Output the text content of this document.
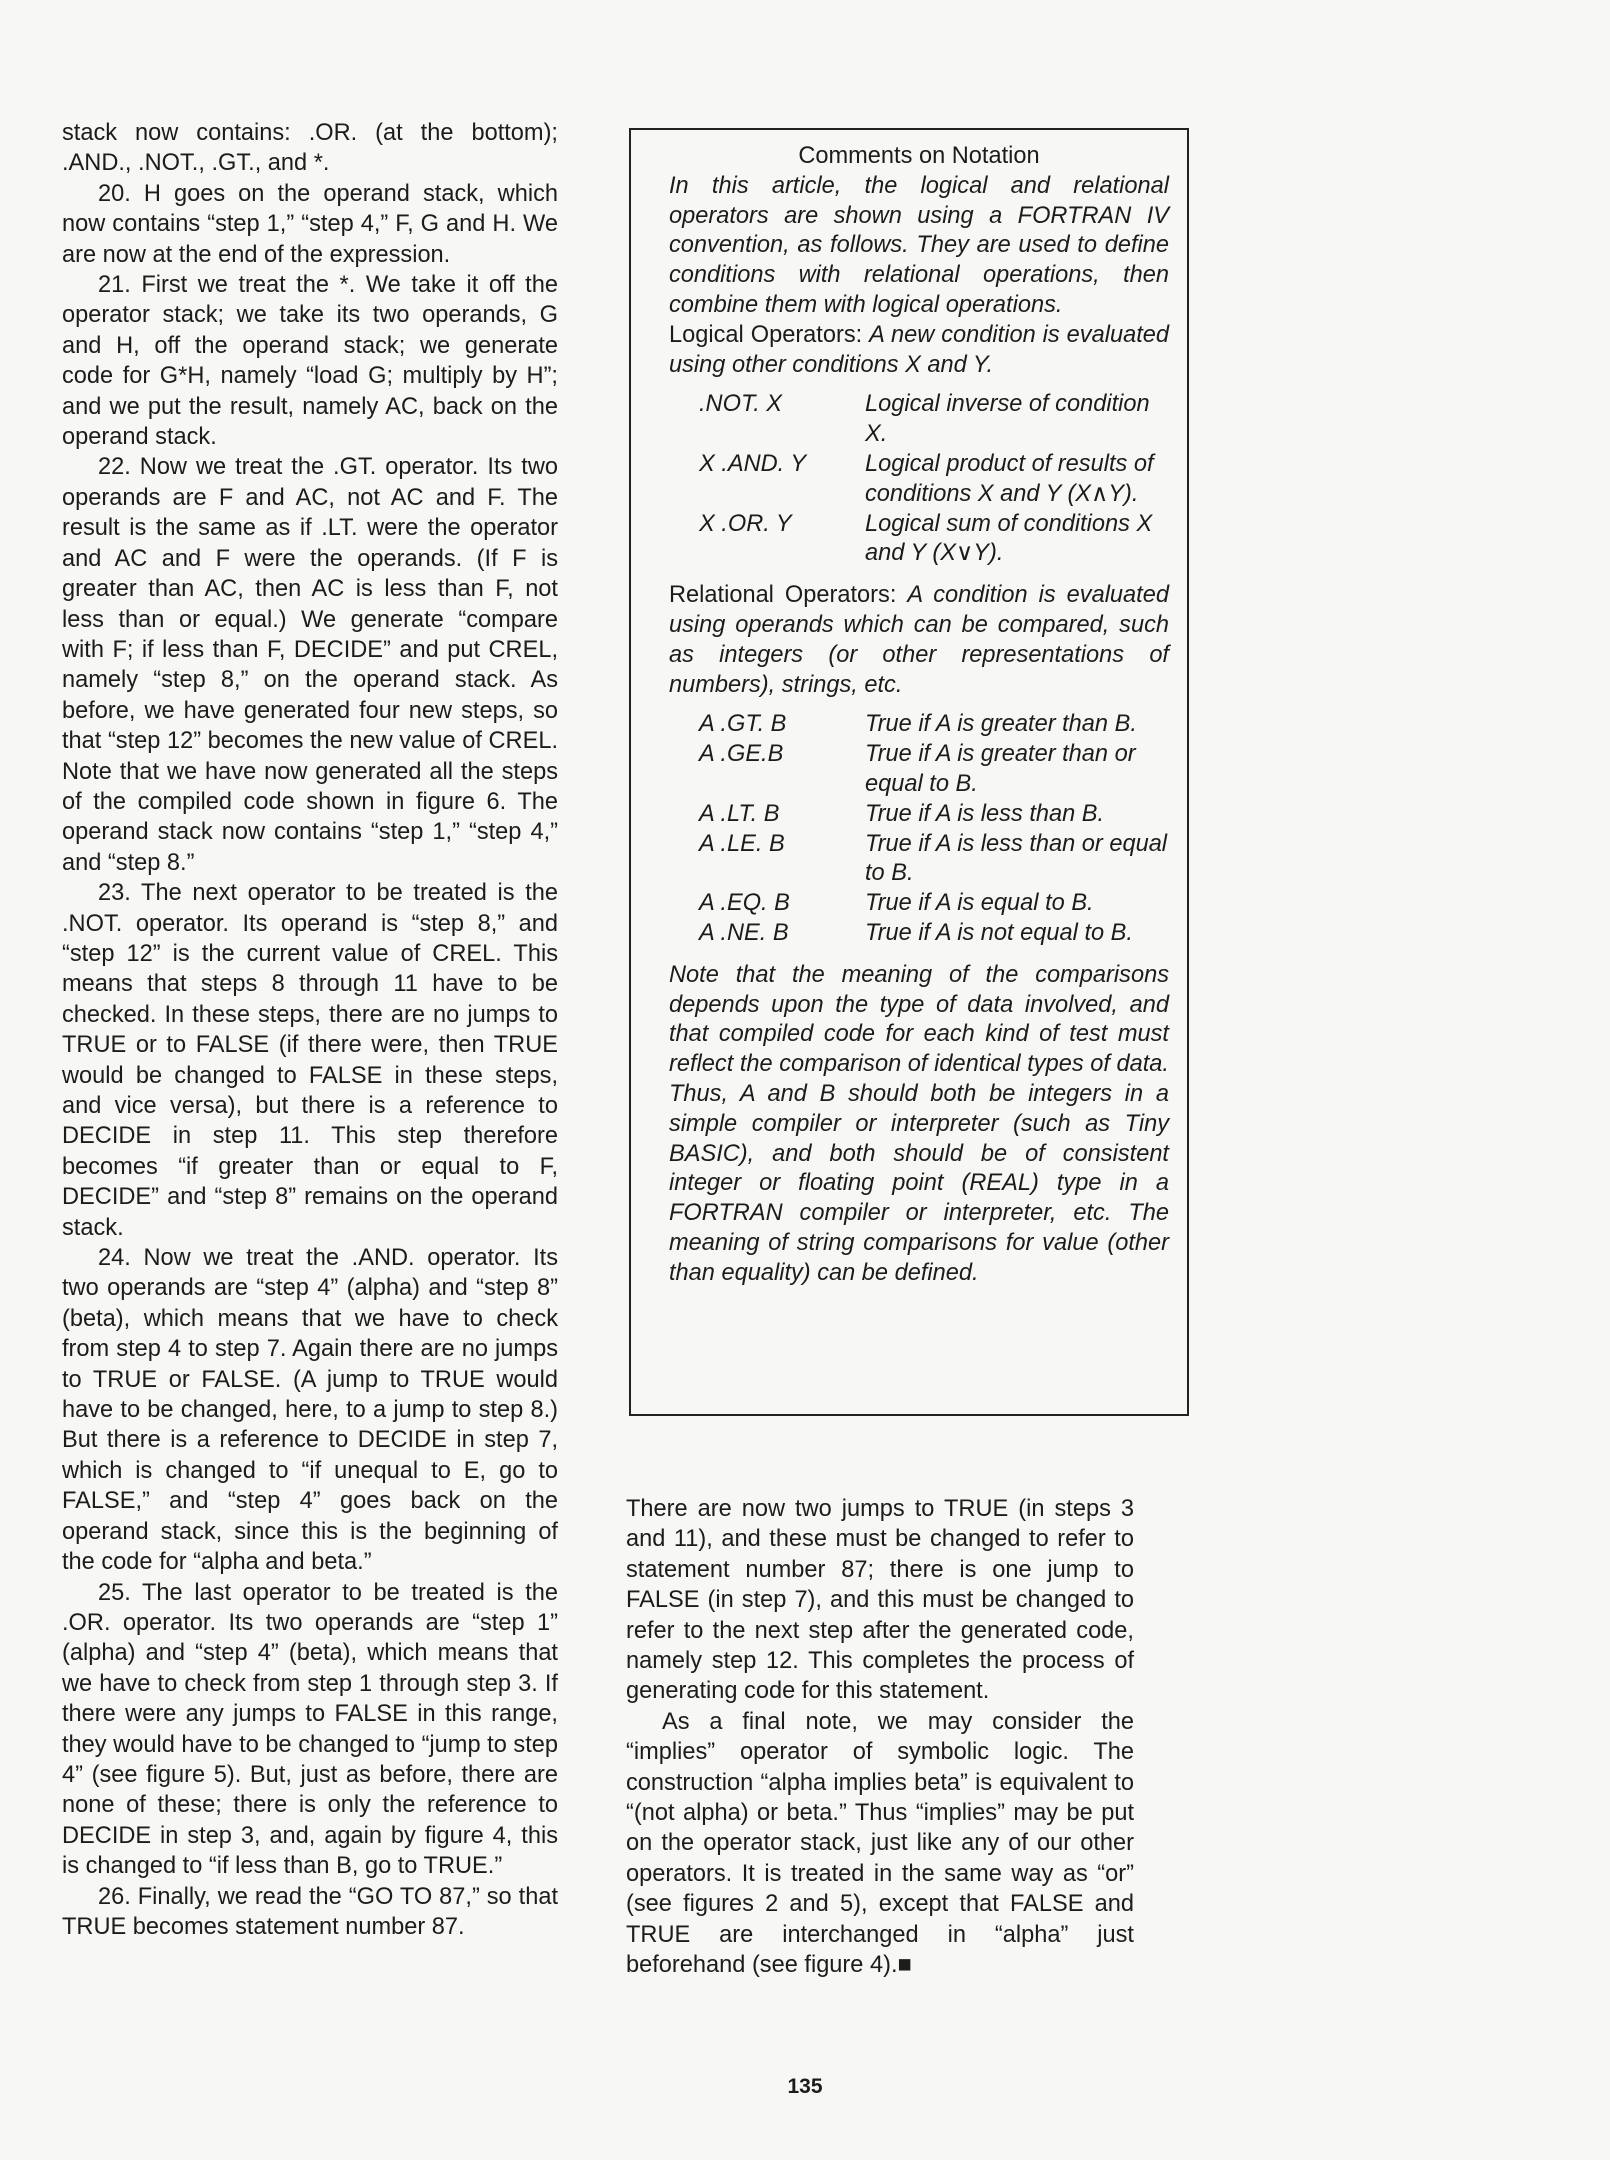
stack now contains: .OR. (at the bottom); .AND., .NOT., .GT., and *.

20. H goes on the operand stack, which now contains “step 1,” “step 4,” F, G and H. We are now at the end of the expression.

21. First we treat the *. We take it off the operator stack; we take its two operands, G and H, off the operand stack; we generate code for G*H, namely “load G; multiply by H”; and we put the result, namely AC, back on the operand stack.

22. Now we treat the .GT. operator. Its two operands are F and AC, not AC and F. The result is the same as if .LT. were the operator and AC and F were the operands. (If F is greater than AC, then AC is less than F, not less than or equal.) We generate “compare with F; if less than F, DECIDE” and put CREL, namely “step 8,” on the operand stack. As before, we have generated four new steps, so that “step 12” becomes the new value of CREL. Note that we have now generated all the steps of the compiled code shown in figure 6. The operand stack now contains “step 1,” “step 4,” and “step 8.”

23. The next operator to be treated is the .NOT. operator. Its operand is “step 8,” and “step 12” is the current value of CREL. This means that steps 8 through 11 have to be checked. In these steps, there are no jumps to TRUE or to FALSE (if there were, then TRUE would be changed to FALSE in these steps, and vice versa), but there is a reference to DECIDE in step 11. This step therefore becomes “if greater than or equal to F, DECIDE” and “step 8” remains on the operand stack.

24. Now we treat the .AND. operator. Its two operands are “step 4” (alpha) and “step 8” (beta), which means that we have to check from step 4 to step 7. Again there are no jumps to TRUE or FALSE. (A jump to TRUE would have to be changed, here, to a jump to step 8.) But there is a reference to DECIDE in step 7, which is changed to “if unequal to E, go to FALSE,” and “step 4” goes back on the operand stack, since this is the beginning of the code for “alpha and beta.”

25. The last operator to be treated is the .OR. operator. Its two operands are “step 1” (alpha) and “step 4” (beta), which means that we have to check from step 1 through step 3. If there were any jumps to FALSE in this range, they would have to be changed to “jump to step 4” (see figure 5). But, just as before, there are none of these; there is only the reference to DECIDE in step 3, and, again by figure 4, this is changed to “if less than B, go to TRUE.”

26. Finally, we read the “GO TO 87,” so that TRUE becomes statement number 87.

Comments on Notation

In this article, the logical and relational operators are shown using a FORTRAN IV convention, as follows. They are used to define conditions with relational operations, then combine them with logical operations.

Logical Operators: A new condition is evaluated using other conditions X and Y.

.NOT. X	Logical inverse of condition X.
X .AND. Y	Logical product of results of conditions X and Y (X∧Y).
X .OR. Y	Logical sum of conditions X and Y (X∨Y).

Relational Operators: A condition is evaluated using operands which can be compared, such as integers (or other representations of numbers), strings, etc.

A .GT. B	True if A is greater than B.
A .GE.B	True if A is greater than or equal to B.
A .LT. B	True if A is less than B.
A .LE. B	True if A is less than or equal to B.
A .EQ. B	True if A is equal to B.
A .NE. B	True if A is not equal to B.

Note that the meaning of the comparisons depends upon the type of data involved, and that compiled code for each kind of test must reflect the comparison of identical types of data. Thus, A and B should both be integers in a simple compiler or interpreter (such as Tiny BASIC), and both should be of consistent integer or floating point (REAL) type in a FORTRAN compiler or interpreter, etc. The meaning of string comparisons for value (other than equality) can be defined.

There are now two jumps to TRUE (in steps 3 and 11), and these must be changed to refer to statement number 87; there is one jump to FALSE (in step 7), and this must be changed to refer to the next step after the generated code, namely step 12. This completes the process of generating code for this statement.

As a final note, we may consider the “implies” operator of symbolic logic. The construction “alpha implies beta” is equivalent to “(not alpha) or beta.” Thus “implies” may be put on the operator stack, just like any of our other operators. It is treated in the same way as “or” (see figures 2 and 5), except that FALSE and TRUE are interchanged in “alpha” just beforehand (see figure 4).■

135
